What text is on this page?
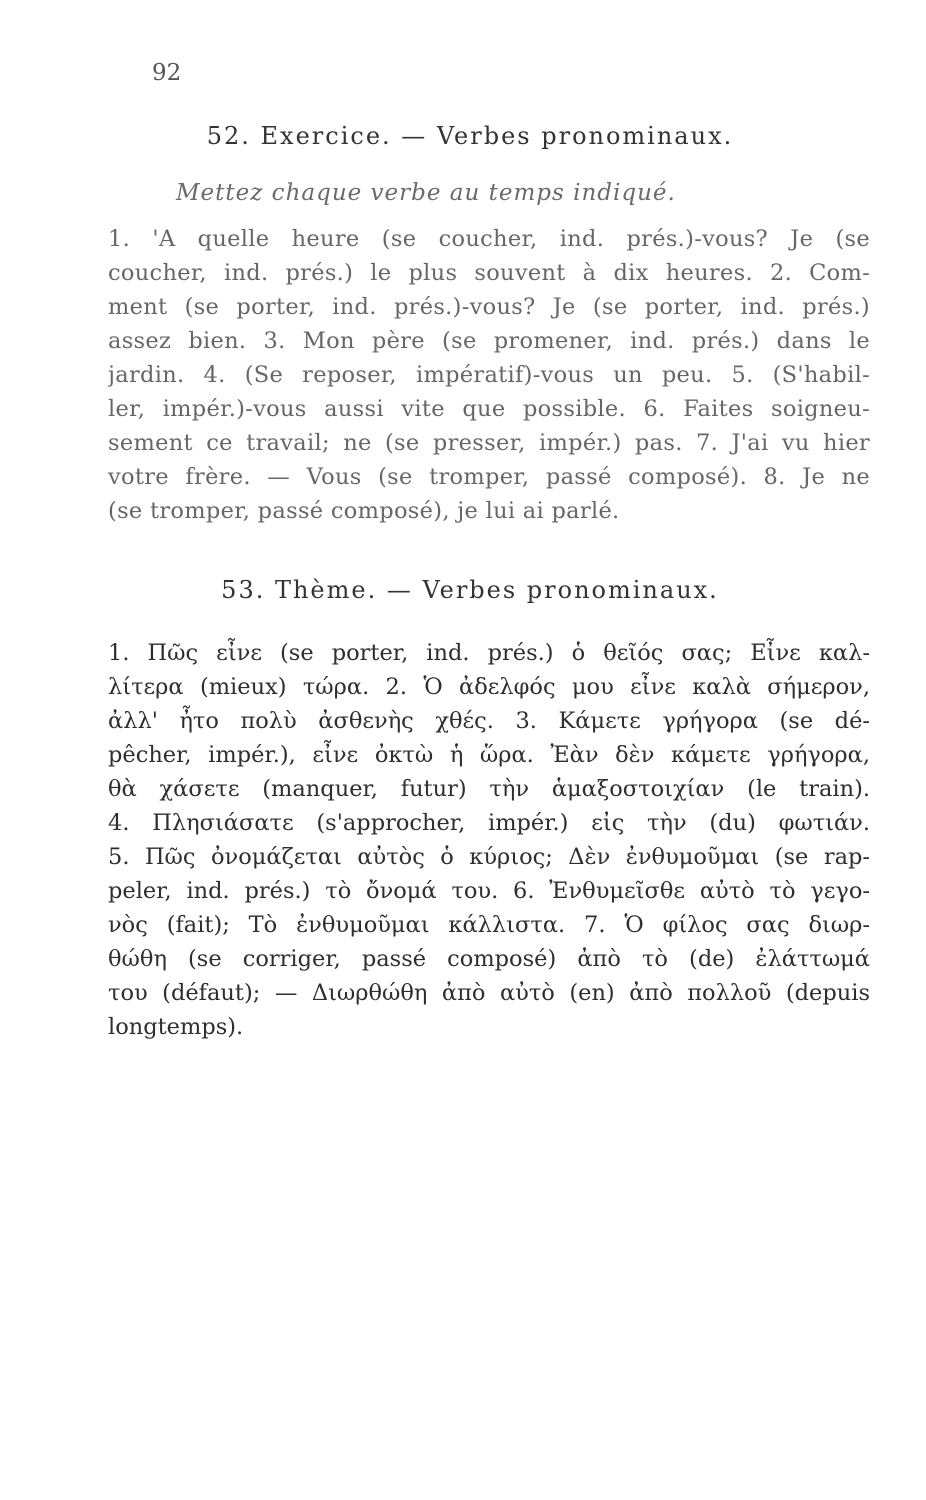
92
52. Exercice. — Verbes pronominaux.
Mettez chaque verbe au temps indiqué.
1. 'A quelle heure (se coucher, ind. prés.)-vous? Je (se
coucher, ind. prés.) le plus souvent à dix heures. 2. Com-
ment (se porter, ind. prés.)-vous? Je (se porter, ind. prés.)
assez bien. 3. Mon père (se promener, ind. prés.) dans le
jardin. 4. (Se reposer, impératif)-vous un peu. 5. (S'habil-
ler, impér.)-vous aussi vite que possible. 6. Faites soigneu-
sement ce travail; ne (se presser, impér.) pas. 7. J'ai vu hier
votre frère. — Vous (se tromper, passé composé). 8. Je ne
(se tromper, passé composé), je lui ai parlé.
53. Thème. — Verbes pronominaux.
1. Πῶς εἶνε (se porter, ind. prés.) ὁ θεῖός σας; Εἶνε καλ-
λίτερα (mieux) τώρα. 2. Ὁ ἀδελφός μου εἶνε καλὰ σήμερον,
ἀλλ' ἦτο πολὺ ἀσθενὴς χθές. 3. Κάμετε γρήγορα (se dé-
pêcher, impér.), εἶνε ὀκτὼ ἡ ὥρα. Ἐὰν δὲν κάμετε γρήγορα,
θὰ χάσετε (manquer, futur) τὴν ἁμαξοστοιχίαν (le train).
4. Πλησιάσατε (s'approcher, impér.) εἰς τὴν (du) φωτιάν.
5. Πῶς ὀνομάζεται αὐτὸς ὁ κύριος; Δὲν ἐνθυμοῦμαι (se rap-
peler, ind. prés.) τὸ ὄνομά του. 6. Ἐνθυμεῖσθε αὐτὸ τὸ γεγο-
νὸς (fait); Τὸ ἐνθυμοῦμαι κάλλιστα. 7. Ὁ φίλος σας διωρ-
θώθη (se corriger, passé composé) ἀπὸ τὸ (de) ἐλάττωμά
του (défaut); — Διωρθώθη ἀπὸ αὐτὸ (en) ἀπὸ πολλοῦ (depuis
longtemps).
